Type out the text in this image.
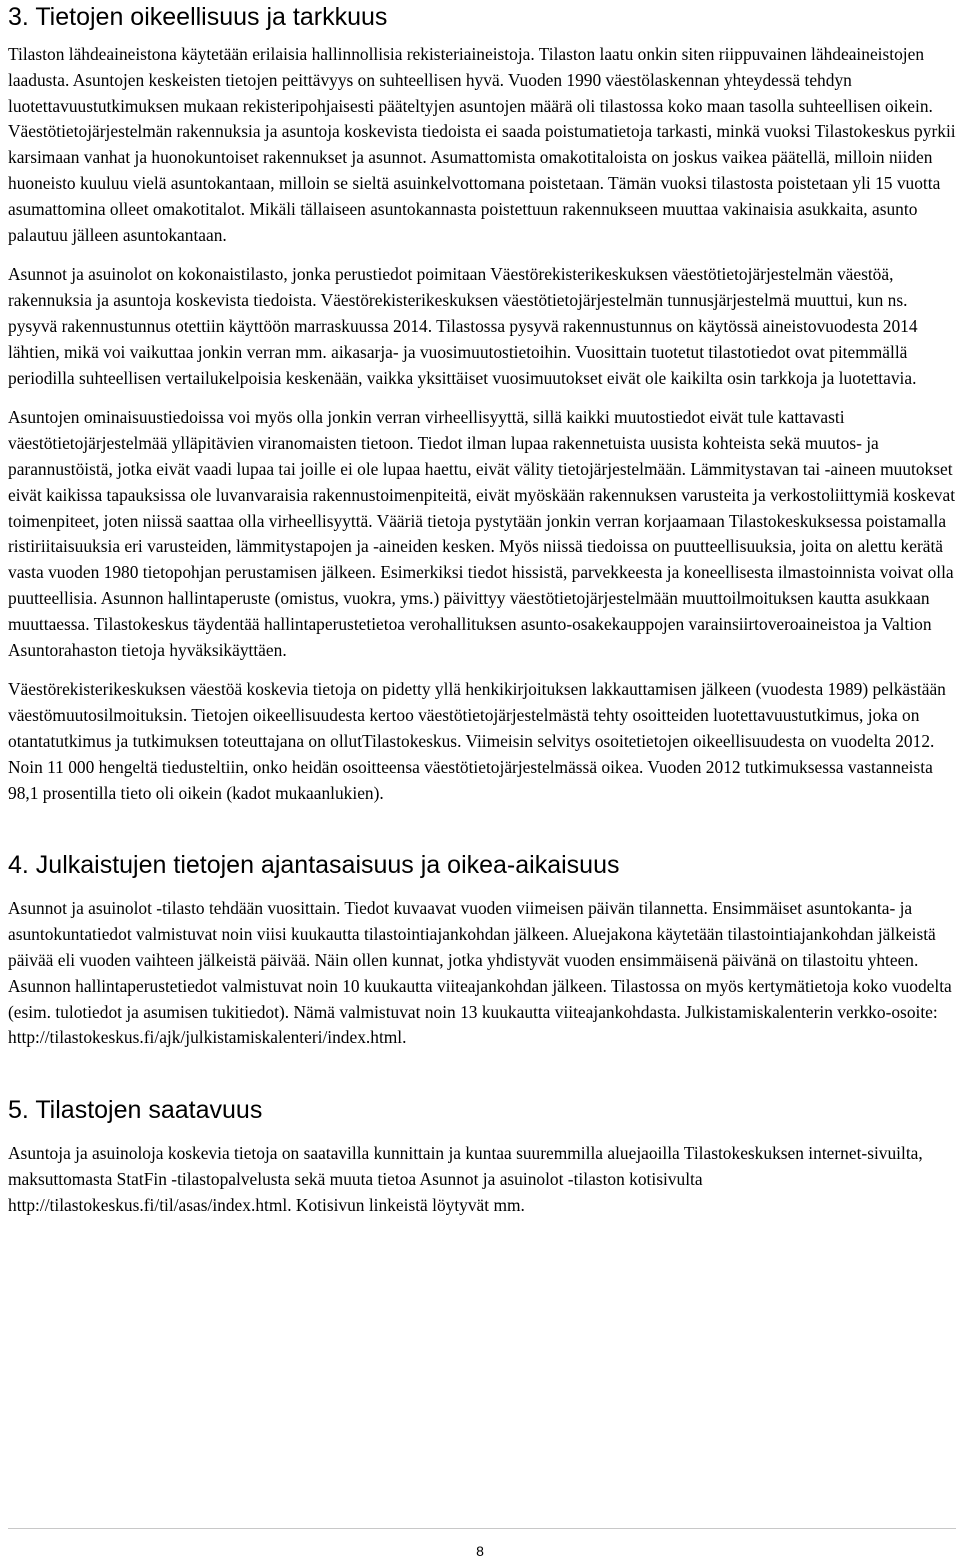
3. Tietojen oikeellisuus ja tarkkuus

Tilaston lähdeaineistona käytetään erilaisia hallinnollisia rekisteriaineistoja. Tilaston laatu onkin siten riippuvainen lähdeaineistojen laadusta. Asuntojen keskeisten tietojen peittävyys on suhteellisen hyvä. Vuoden 1990 väestölaskennan yhteydessä tehdyn luotettavuustutkimuksen mukaan rekisteripohjaisesti pääteltyjen asuntojen määrä oli tilastossa koko maan tasolla suhteellisen oikein. Väestötietojärjestelmän rakennuksia ja asuntoja koskevista tiedoista ei saada poistumatietoja tarkasti, minkä vuoksi Tilastokeskus pyrkii karsimaan vanhat ja huonokuntoiset rakennukset ja asunnot. Asumattomista omakotitaloista on joskus vaikea päätellä, milloin niiden huoneisto kuuluu vielä asuntokantaan, milloin se sieltä asuinkelvottomana poistetaan. Tämän vuoksi tilastosta poistetaan yli 15 vuotta asumattomina olleet omakotitalot. Mikäli tällaiseen asuntokannasta poistettuun rakennukseen muuttaa vakinaisia asukkaita, asunto palautuu jälleen asuntokantaan.

Asunnot ja asuinolot on kokonaistilasto, jonka perustiedot poimitaan Väestörekisterikeskuksen väestötietojärjestelmän väestöä, rakennuksia ja asuntoja koskevista tiedoista. Väestörekisterikeskuksen väestötietojärjestelmän tunnusjärjestelmä muuttui, kun ns. pysyvä rakennustunnus otettiin käyttöön marraskuussa 2014. Tilastossa pysyvä rakennustunnus on käytössä aineistovuodesta 2014 lähtien, mikä voi vaikuttaa jonkin verran mm. aikasarja- ja vuosimuutostietoihin. Vuosittain tuotetut tilastotiedot ovat pitemmällä periodilla suhteellisen vertailukelpoisia keskenään, vaikka yksittäiset vuosimuutokset eivät ole kaikilta osin tarkkoja ja luotettavia.

Asuntojen ominaisuustiedoissa voi myös olla jonkin verran virheellisyyttä, sillä kaikki muutostiedot eivät tule kattavasti väestötietojärjestelmää ylläpitävien viranomaisten tietoon. Tiedot ilman lupaa rakennetuista uusista kohteista sekä muutos- ja parannustöistä, jotka eivät vaadi lupaa tai joille ei ole lupaa haettu, eivät välity tietojärjestelmään. Lämmitystavan tai -aineen muutokset eivät kaikissa tapauksissa ole luvanvaraisia rakennustoimenpiteitä, eivät myöskään rakennuksen varusteita ja verkostoliittymiä koskevat toimenpiteet, joten niissä saattaa olla virheellisyyttä. Vääriä tietoja pystytään jonkin verran korjaamaan Tilastokeskuksessa poistamalla ristiriitaisuuksia eri varusteiden, lämmitystapojen ja -aineiden kesken. Myös niissä tiedoissa on puutteellisuuksia, joita on alettu kerätä vasta vuoden 1980 tietopohjan perustamisen jälkeen. Esimerkiksi tiedot hissistä, parvekkeesta ja koneellisesta ilmastoinnista voivat olla puutteellisia. Asunnon hallintaperuste (omistus, vuokra, yms.) päivittyy väestötietojärjestelmään muuttoilmoituksen kautta asukkaan muuttaessa. Tilastokeskus täydentää hallintaperustetietoa verohallituksen asunto-osakekauppojen varainsiirtoveroaineistoa ja Valtion Asuntorahaston tietoja hyväksikäyttäen.

Väestörekisterikeskuksen väestöä koskevia tietoja on pidetty yllä henkikirjoituksen lakkauttamisen jälkeen (vuodesta 1989) pelkästään väestömuutosilmoituksin. Tietojen oikeellisuudesta kertoo väestötietojärjestelmästä tehty osoitteiden luotettavuustutkimus, joka on otantatutkimus ja tutkimuksen toteuttajana on ollutTilastokeskus. Viimeisin selvitys osoitetietojen oikeellisuudesta on vuodelta 2012. Noin 11 000 hengeltä tiedusteltiin, onko heidän osoitteensa väestötietojärjestelmässä oikea. Vuoden 2012 tutkimuksessa vastanneista 98,1 prosentilla tieto oli oikein (kadot mukaanlukien).

4. Julkaistujen tietojen ajantasaisuus ja oikea-aikaisuus

Asunnot ja asuinolot -tilasto tehdään vuosittain. Tiedot kuvaavat vuoden viimeisen päivän tilannetta. Ensimmäiset asuntokanta- ja asuntokuntatiedot valmistuvat noin viisi kuukautta tilastointiajankohdan jälkeen. Aluejakona käytetään tilastointiajankohdan jälkeistä päivää eli vuoden vaihteen jälkeistä päivää. Näin ollen kunnat, jotka yhdistyvät vuoden ensimmäisenä päivänä on tilastoitu yhteen. Asunnon hallintaperustetiedot valmistuvat noin 10 kuukautta viiteajankohdan jälkeen. Tilastossa on myös kertymätietoja koko vuodelta (esim. tulotiedot ja asumisen tukitiedot). Nämä valmistuvat noin 13 kuukautta viiteajankohdasta. Julkistamiskalenterin verkko-osoite: http://tilastokeskus.fi/ajk/julkistamiskalenteri/index.html.

5. Tilastojen saatavuus

Asuntoja ja asuinoloja koskevia tietoja on saatavilla kunnittain ja kuntaa suuremmilla aluejaoilla Tilastokeskuksen internet-sivuilta, maksuttomasta StatFin -tilastopalvelusta sekä muuta tietoa Asunnot ja asuinolot -tilaston kotisivulta http://tilastokeskus.fi/til/asas/index.html. Kotisivun linkeistä löytyvät mm.

8
